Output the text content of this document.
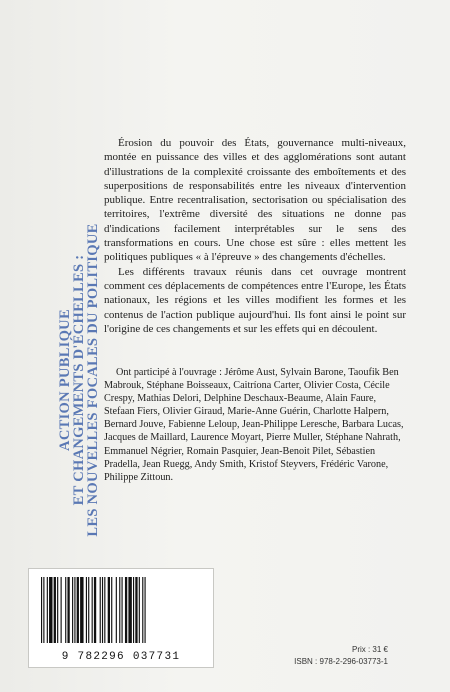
ACTION PUBLIQUE
ET CHANGEMENTS D'ÉCHELLES :
LES NOUVELLES FOCALES DU POLITIQUE

Érosion du pouvoir des États, gouvernance multi-niveaux, montée en puissance des villes et des agglomérations sont autant d'illustrations de la complexité croissante des emboîtements et des superpositions de responsabilités entre les niveaux d'intervention publique. Entre recentralisation, sectorisation ou spécialisation des territoires, l'extrême diversité des situations ne donne pas d'indications facilement interprétables sur le sens des transformations en cours. Une chose est sûre : elles mettent les politiques publiques « à l'épreuve » des changements d'échelles.

Les différents travaux réunis dans cet ouvrage montrent comment ces déplacements de compétences entre l'Europe, les États nationaux, les régions et les villes modifient les formes et les contenus de l'action publique aujourd'hui. Ils font ainsi le point sur l'origine de ces changements et sur les effets qui en découlent.

Ont participé à l'ouvrage : Jérôme Aust, Sylvain Barone, Taoufik Ben Mabrouk, Stéphane Boisseaux, Caitríona Carter, Olivier Costa, Cécile Crespy, Mathias Delori, Delphine Deschaux-Beaume, Alain Faure, Stefaan Fiers, Olivier Giraud, Marie-Anne Guérin, Charlotte Halpern, Bernard Jouve, Fabienne Leloup, Jean-Philippe Leresche, Barbara Lucas, Jacques de Maillard, Laurence Moyart, Pierre Muller, Stéphane Nahrath, Emmanuel Négrier, Romain Pasquier, Jean-Benoit Pilet, Sébastien Pradella, Jean Ruegg, Andy Smith, Kristof Steyvers, Frédéric Varone, Philippe Zittoun.

9 782296 037731
Prix : 31 €
ISBN : 978-2-296-03773-1
